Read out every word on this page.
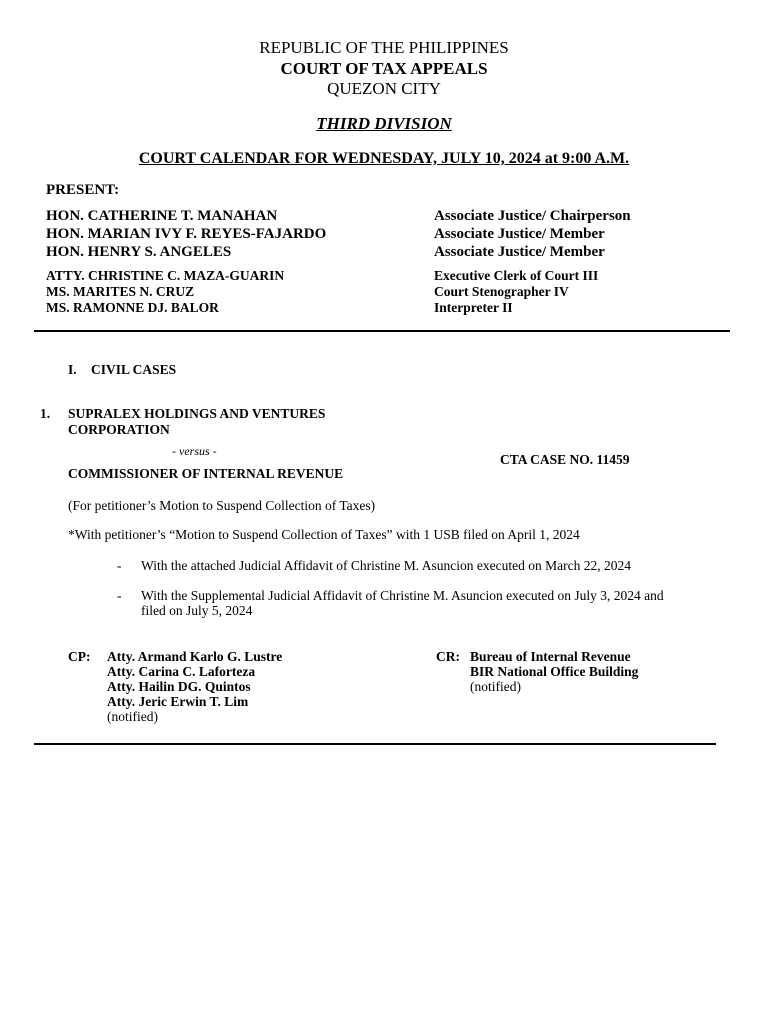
REPUBLIC OF THE PHILIPPINES
COURT OF TAX APPEALS
QUEZON CITY
THIRD DIVISION
COURT CALENDAR FOR WEDNESDAY, JULY 10, 2024 at 9:00 A.M.
PRESENT:
HON. CATHERINE T. MANAHAN
HON. MARIAN IVY F. REYES-FAJARDO
HON. HENRY S. ANGELES
Associate Justice/ Chairperson
Associate Justice/ Member
Associate Justice/ Member
ATTY. CHRISTINE C. MAZA-GUARIN
MS. MARITES N. CRUZ
MS. RAMONNE DJ. BALOR
Executive Clerk of Court III
Court Stenographer IV
Interpreter II
I. CIVIL CASES
1. SUPRALEX HOLDINGS AND VENTURES
CORPORATION
- versus -
COMMISSIONER OF INTERNAL REVENUE
CTA CASE NO. 11459
(For petitioner’s Motion to Suspend Collection of Taxes)
*With petitioner’s “Motion to Suspend Collection of Taxes” with 1 USB filed on April 1, 2024
- With the attached Judicial Affidavit of Christine M. Asuncion executed on March 22, 2024
- With the Supplemental Judicial Affidavit of Christine M. Asuncion executed on July 3, 2024 and
filed on July 5, 2024
CP: Atty. Armand Karlo G. Lustre
Atty. Carina C. Laforteza
Atty. Hailin DG. Quintos
Atty. Jeric Erwin T. Lim
(notified)
CR: Bureau of Internal Revenue
BIR National Office Building
(notified)
